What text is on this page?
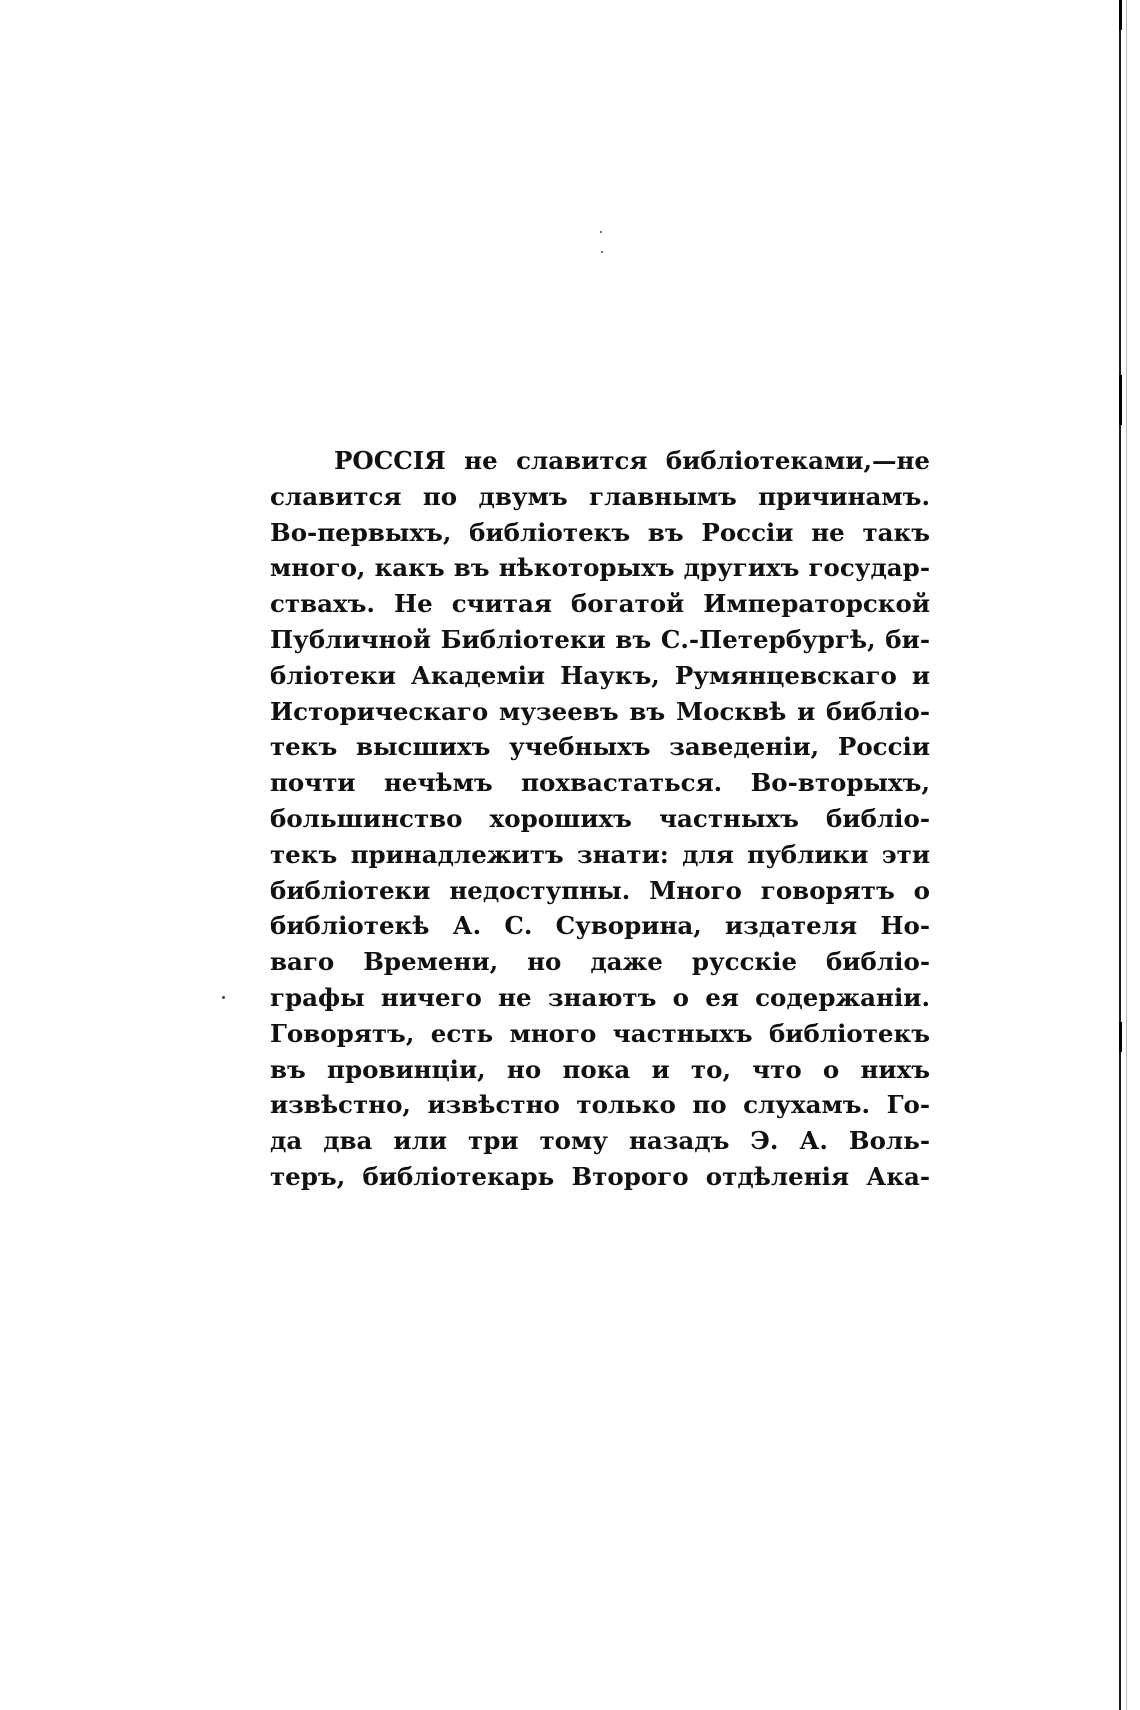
РОССІЯ не славится библіотеками,—не
славится по двумъ главнымъ причинамъ.
Во-первыхъ, библіотекъ въ Россіи не такъ
много, какъ въ нѣкоторыхъ другихъ государ-
ствахъ. Не считая богатой Императорской
Публичной Библіотеки въ С.-Петербургѣ, би-
бліотеки Академіи Наукъ, Румянцевскаго и
Историческаго музеевъ въ Москвѣ и библіо-
текъ высшихъ учебныхъ заведеніи, Россіи
почти нечѣмъ похвастаться. Во-вторыхъ,
большинство хорошихъ частныхъ библіо-
текъ принадлежитъ знати: для публики эти
библіотеки недоступны. Много говорятъ о
библіотекѣ А. С. Суворина, издателя Но-
ваго Времени, но даже русскіе библіо-
графы ничего не знаютъ о ея содержаніи.
Говорятъ, есть много частныхъ библіотекъ
въ провинціи, но пока и то, что о нихъ
извѣстно, извѣстно только по слухамъ. Го-
да два или три тому назадъ Э. А. Воль-
теръ, библіотекарь Второго отдѣленія Ака-
